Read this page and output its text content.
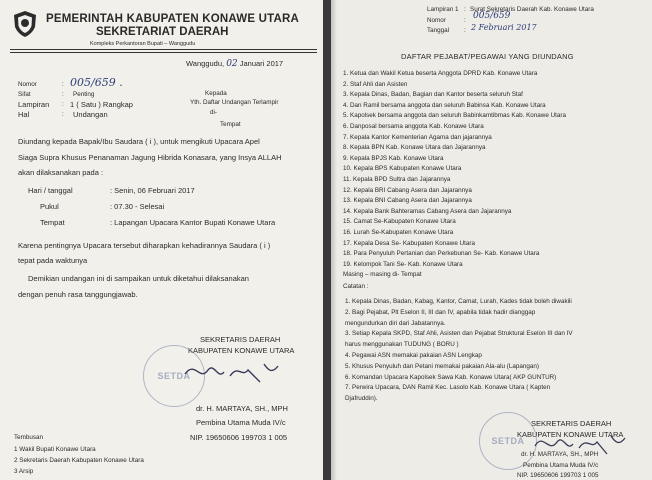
PEMERINTAH KABUPATEN KONAWE UTARA
SEKRETARIAT DAERAH
Kompleks Perkantoran Bupati – Wanggudu
Wanggudu, 02 Januari 2017
Nomor	: 005/659 .
Sifat	: Penting
Lampiran : 1 ( Satu ) Rangkap
Hal	: Undangan
Kepada
Yth. Daftar Undangan Terlampir
di-
Tempat
Diundang kepada Bapak/Ibu Saudara ( i ), untuk mengikuti Upacara Apel
Siaga Supra Khusus Penanaman Jagung Hibrida Konasara, yang Insya ALLAH
akan dilaksanakan pada :
Hari / tanggal	: Senin, 06 Februari 2017
Pukul	: 07.30 - Selesai
Tempat	: Lapangan Upacara Kantor Bupati Konawe Utara
Karena pentingnya Upacara tersebut diharapkan kehadirannya Saudara ( i )
tepat pada waktunya
Demikian undangan ini di sampaikan untuk diketahui dilaksanakan
dengan penuh rasa tanggungjawab.
SEKRETARIS DAERAH
KABUPATEN KONAWE UTARA
SETDA
dr. H. MARTAYA, SH., MPH
Pembina Utama Muda IV/c
NIP. 19650606 199703 1 005
Tembusan
1 Wakil Bupati Konawe Utara
2 Sekretaris Daerah Kabupaten Konawe Utara
3 Arsip
Lampiran 1 : Surat Sekretaris Daerah Kab. Konawe Utara
Nomor	: 005/659
Tanggal : 2 Februari 2017
DAFTAR PEJABAT/PEGAWAI YANG DIUNDANG
1. Ketua dan Wakil Ketua beserta Anggota DPRD Kab. Konawe Utara
2. Staf Ahli dan Asisten
3. Kepala Dinas, Badan, Bagian dan Kantor beserta seluruh Staf
4. Dan Ramil bersama anggota dan seluruh Babinsa Kab. Konawe Utara
5. Kapolsek bersama anggota dan seluruh Babinkamtibmas Kab. Konawe Utara
6. Danposal bersama anggota Kab. Konawe Utara
7. Kepala Kantor Kementerian Agama dan jajarannya
8. Kepala BPN Kab. Konawe Utara dan Jajarannya
9. Kepala BPJS Kab. Konawe Utara
10. Kepala BPS Kabupaten Konawe Utara
11. Kepala BPD Sultra dan Jajarannya
12. Kepala BRI Cabang Asera dan Jajarannya
13. Kepala BNI Cabang Asera dan Jajarannya
14. Kepala Bank Bahteramas Cabang Asera dan Jajarannya
15. Camat Se-Kabupaten Konawe Utara
16. Lurah Se-Kabupaten Konawe Utara
17. Kepala Desa Se- Kabupaten Konawe Utara
18. Para Penyuluh Pertanian dan Perkebunan Se- Kab. Konawe Utara
19. Kelompok Tani Se- Kab. Konawe Utara
Masing – masing di- Tempat
Catatan :
1. Kepala Dinas, Badan, Kabag, Kantor, Camat, Lurah, Kades tidak boleh diwakili
2. Bagi Pejabat, Plt Eselon II, III dan IV, apabila tidak hadir dianggap
mengundurkan diri dari Jabatannya.
3. Setiap Kepala SKPD, Staf Ahli, Asisten dan Pejabat Struktural Eselon III dan IV
harus menggunakan TUDUNG ( BORU )
4. Pegawai ASN memakai pakaian ASN Lengkap
5. Khusus Penyuluh dan Petani memakai pakaian Ala-alu (Lapangan)
6. Komandan Upacara Kapolsek Sawa Kab. Konawe Utara( AKP GUNTUR)
7. Perwira Upacara, DAN Ramil Kec. Lasolo Kab. Konawe Utara ( Kapten
Djafruddin).
SEKRETARIS DAERAH
KABUPATEN KONAWE UTARA
SETDA
dr. H. MARTAYA, SH., MPH
Pembina Utama Muda IV/c
NIP. 19650606 199703 1 005
